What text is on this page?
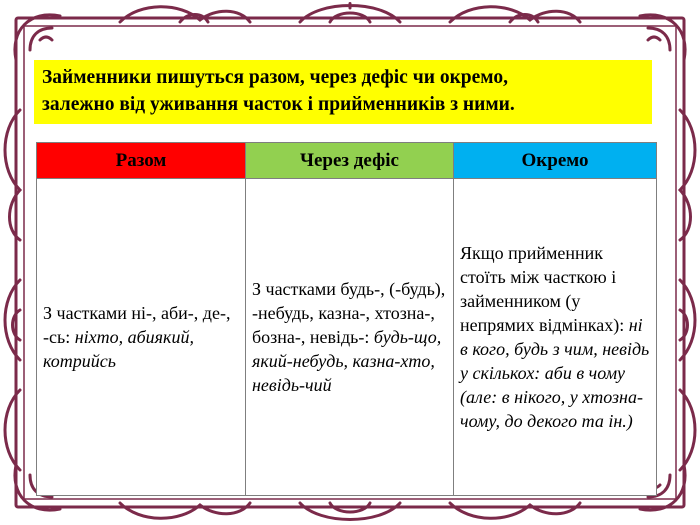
Займенники пишуться разом, через дефіс чи окремо,
залежно від уживання часток і прийменників з ними.
Разом	Через дефіс	Окремо
З частками ні-, аби-, де-, -сь: ніхто, абиякий, котрийсь	З частками будь-, (-будь), -небудь, казна-, хтозна-, бозна-, невідь-: будь-що, який-небудь, казна-хто, невідь-чий	Якщо прийменник стоїть між часткою і займенником (у непрямих відмінках): ні в кого, будь з чим, невідь у скількох: аби в чому (але: в нікого, у хтозна-чому, до декого та ін.)
